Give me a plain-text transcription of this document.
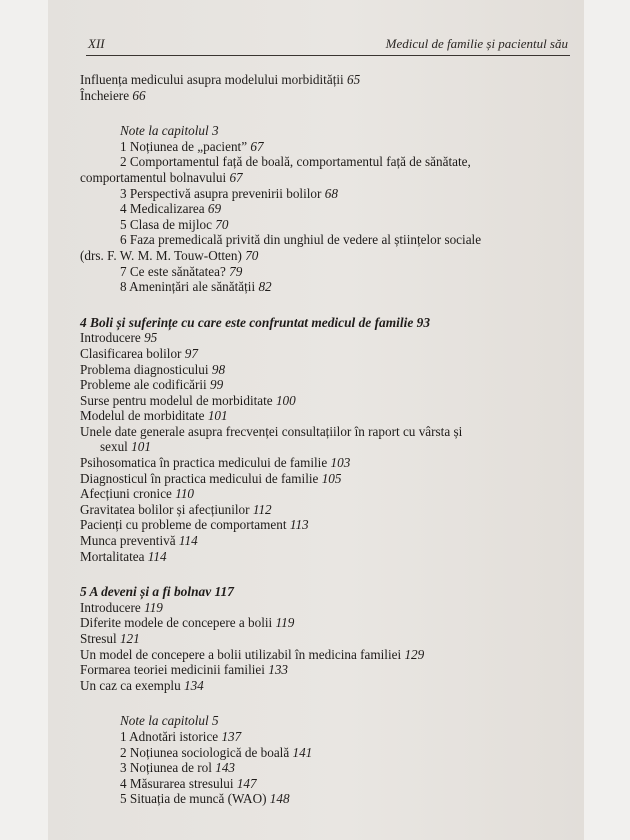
XII	Medicul de familie și pacientul său
Influența medicului asupra modelului morbidității 65
Încheiere 66
Note la capitolul 3
1 Noțiunea de „pacient” 67
2 Comportamentul față de boală, comportamentul față de sănătate,
comportamentul bolnavului 67
3 Perspectivă asupra prevenirii bolilor 68
4 Medicalizarea 69
5 Clasa de mijloc 70
6 Faza premedicală privită din unghiul de vedere al științelor sociale
(drs. F. W. M. M. Touw-Otten) 70
7 Ce este sănătatea? 79
8 Amenințări ale sănătății 82
4 Boli și suferințe cu care este confruntat medicul de familie 93
Introducere 95
Clasificarea bolilor 97
Problema diagnosticului 98
Probleme ale codificării 99
Surse pentru modelul de morbiditate 100
Modelul de morbiditate 101
Unele date generale asupra frecvenței consultațiilor în raport cu vârsta și
sexul 101
Psihosomatica în practica medicului de familie 103
Diagnosticul în practica medicului de familie 105
Afecțiuni cronice 110
Gravitatea bolilor și afecțiunilor 112
Pacienți cu probleme de comportament 113
Munca preventivă 114
Mortalitatea 114
5 A deveni și a fi bolnav 117
Introducere 119
Diferite modele de concepere a bolii 119
Stresul 121
Un model de concepere a bolii utilizabil în medicina familiei 129
Formarea teoriei medicinii familiei 133
Un caz ca exemplu 134
Note la capitolul 5
1 Adnotări istorice 137
2 Noțiunea sociologică de boală 141
3 Noțiunea de rol 143
4 Măsurarea stresului 147
5 Situația de muncă (WAO) 148
